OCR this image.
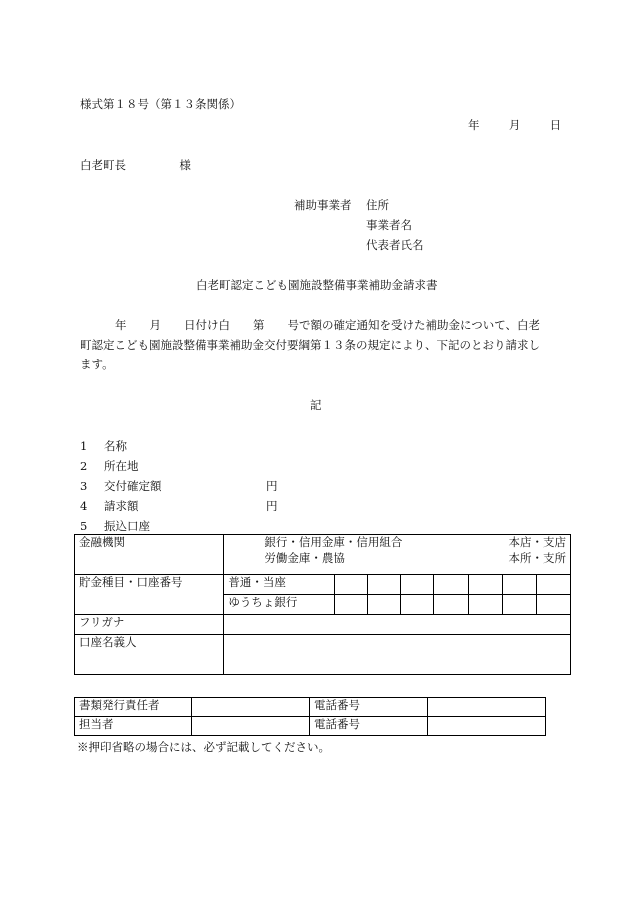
様式第１８号（第１３条関係）
年	月	日
白老町長	様
補助事業者 住所
事業者名
代表者氏名
白老町認定こども園施設整備事業補助金請求書
年　　月　　日付け白　　第　　号で額の確定通知を受けた補助金について、白老
町認定こども園施設整備事業補助金交付要綱第１３条の規定により、下記のとおり請求し
ます。
記
1 名称
2 所在地
3 交付確定額	円
4 請求額	円
5 振込口座
金融機関	銀行・信用金庫・信用組合 本店・支店
労働金庫・農協 本所・支所							

貯金種目・口座番号	普通・当座							
	ゆうちょ銀行							
フリガナ								
口座名義人								
書類発行責任者		電話番号	
担当者		電話番号	
※押印省略の場合には、必ず記載してください。
